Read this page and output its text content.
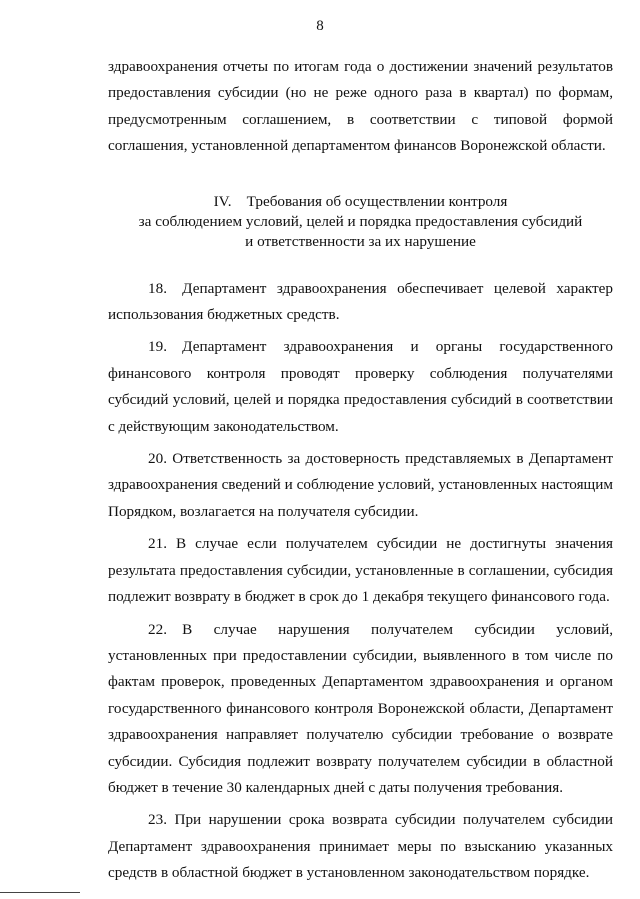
8

здравоохранения отчеты по итогам года о достижении значений результатов предоставления субсидии (но не реже одного раза в квартал) по формам, предусмотренным соглашением, в соответствии с типовой формой соглашения, установленной департаментом финансов Воронежской области.

IV. Требования об осуществлении контроля
за соблюдением условий, целей и порядка предоставления субсидий
и ответственности за их нарушение

18. Департамент здравоохранения обеспечивает целевой характер использования бюджетных средств.

19. Департамент здравоохранения и органы государственного финансового контроля проводят проверку соблюдения получателями субсидий условий, целей и порядка предоставления субсидий в соответствии с действующим законодательством.

20. Ответственность за достоверность представляемых в Департамент здравоохранения сведений и соблюдение условий, установленных настоящим Порядком, возлагается на получателя субсидии.

21. В случае если получателем субсидии не достигнуты значения результата предоставления субсидии, установленные в соглашении, субсидия подлежит возврату в бюджет в срок до 1 декабря текущего финансового года.

22. В случае нарушения получателем субсидии условий, установленных при предоставлении субсидии, выявленного в том числе по фактам проверок, проведенных Департаментом здравоохранения и органом государственного финансового контроля Воронежской области, Департамент здравоохранения направляет получателю субсидии требование о возврате субсидии. Субсидия подлежит возврату получателем субсидии в областной бюджет в течение 30 календарных дней с даты получения требования.

23. При нарушении срока возврата субсидии получателем субсидии Департамент здравоохранения принимает меры по взысканию указанных средств в областной бюджет в установленном законодательством порядке.
